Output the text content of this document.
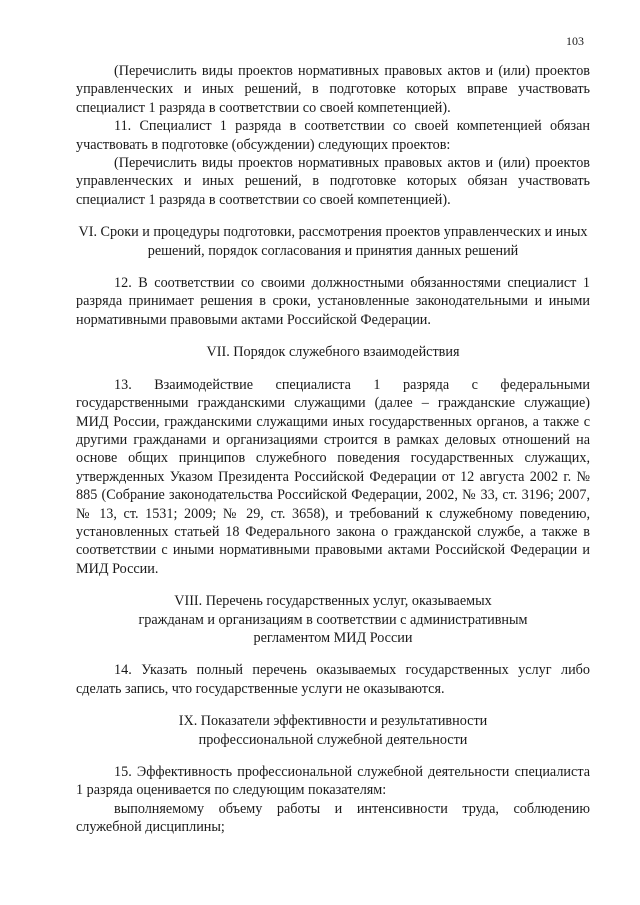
103

(Перечислить виды проектов нормативных правовых актов и (или) проектов управленческих и иных решений, в подготовке которых вправе участвовать специалист 1 разряда в соответствии со своей компетенцией).

11. Специалист 1 разряда в соответствии со своей компетенцией обязан участвовать в подготовке (обсуждении) следующих проектов:

(Перечислить виды проектов нормативных правовых актов и (или) проектов управленческих и иных решений, в подготовке которых обязан участвовать специалист 1 разряда в соответствии со своей компетенцией).

VI. Сроки и процедуры подготовки, рассмотрения проектов управленческих и иных решений, порядок согласования и принятия данных решений

12. В соответствии со своими должностными обязанностями специалист 1 разряда принимает решения в сроки, установленные законодательными и иными нормативными правовыми актами Российской Федерации.

VII. Порядок служебного взаимодействия

13. Взаимодействие специалиста 1 разряда с федеральными государственными гражданскими служащими (далее – гражданские служащие) МИД России, гражданскими служащими иных государственных органов, а также с другими гражданами и организациями строится в рамках деловых отношений на основе общих принципов служебного поведения государственных служащих, утвержденных Указом Президента Российской Федерации от 12 августа 2002 г. № 885 (Собрание законодательства Российской Федерации, 2002, № 33, ст. 3196; 2007, № 13, ст. 1531; 2009; № 29, ст. 3658), и требований к служебному поведению, установленных статьей 18 Федерального закона о гражданской службе, а также в соответствии с иными нормативными правовыми актами Российской Федерации и МИД России.

VIII. Перечень государственных услуг, оказываемых

гражданам и организациям в соответствии с административным

регламентом МИД России

14. Указать полный перечень оказываемых государственных услуг либо сделать запись, что государственные услуги не оказываются.

IX. Показатели эффективности и результативности

профессиональной служебной деятельности

15. Эффективность профессиональной служебной деятельности специалиста 1 разряда оценивается по следующим показателям:

выполняемому объему работы и интенсивности труда, соблюдению служебной дисциплины;
